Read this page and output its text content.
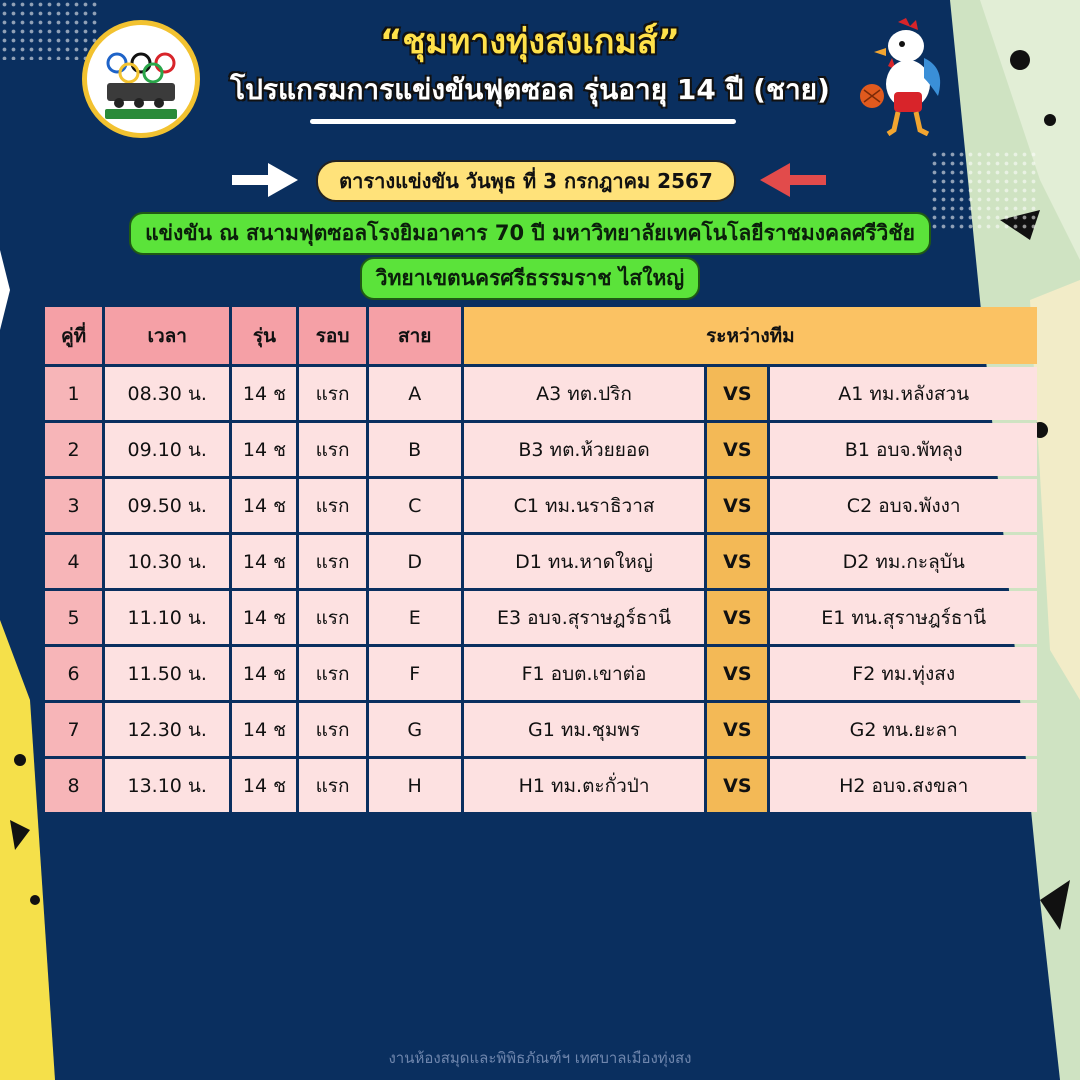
“ชุมทางทุ่งสงเกมส์”
โปรแกรมการแข่งขันฟุตซอล รุ่นอายุ 14 ปี (ชาย)
ตารางแข่งขัน วันพุธ ที่ 3 กรกฎาคม 2567
แข่งขัน ณ สนามฟุตซอลโรงยิมอาคาร 70 ปี มหาวิทยาลัยเทคโนโลยีราชมงคลศรีวิชัย
วิทยาเขตนครศรีธรรมราช ไสใหญ่
คู่ที่	เวลา	รุ่น	รอบ	สาย	ระหว่างทีม		
1	08.30 น.	14 ช	แรก	A	A3 ทต.ปริก	VS	A1 ทม.หลังสวน
2	09.10 น.	14 ช	แรก	B	B3 ทต.ห้วยยอด	VS	B1 อบจ.พัทลุง
3	09.50 น.	14 ช	แรก	C	C1 ทม.นราธิวาส	VS	C2 อบจ.พังงา
4	10.30 น.	14 ช	แรก	D	D1 ทน.หาดใหญ่	VS	D2 ทม.กะลุบัน
5	11.10 น.	14 ช	แรก	E	E3 อบจ.สุราษฎร์ธานี	VS	E1 ทน.สุราษฎร์ธานี
6	11.50 น.	14 ช	แรก	F	F1 อบต.เขาต่อ	VS	F2 ทม.ทุ่งสง
7	12.30 น.	14 ช	แรก	G	G1 ทม.ชุมพร	VS	G2 ทน.ยะลา
8	13.10 น.	14 ช	แรก	H	H1 ทม.ตะกั่วป่า	VS	H2 อบจ.สงขลา
งานห้องสมุดและพิพิธภัณฑ์ฯ เทศบาลเมืองทุ่งสง
